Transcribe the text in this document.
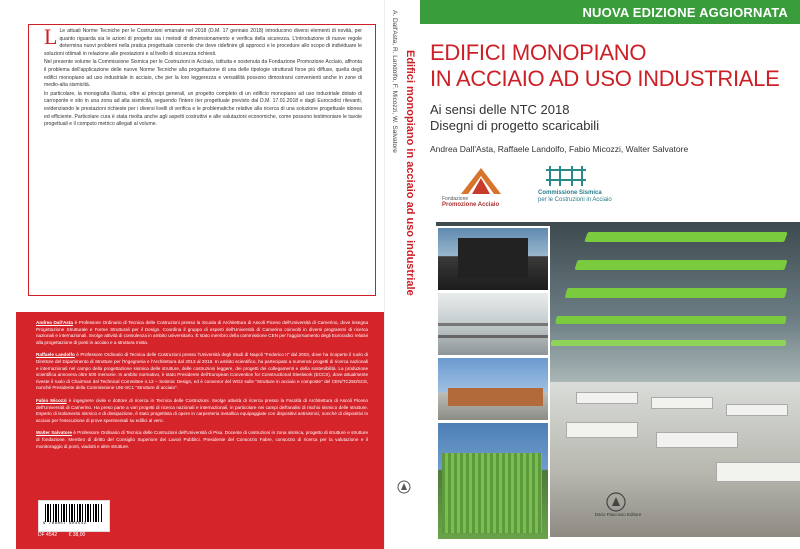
L Le attuali Norme Tecniche per le Costruzioni emanate nel 2018 (D.M. 17 gennaio 2018) introducono diversi elementi di novità, per quanto riguarda sia le azioni di progetto sia i metodi di dimensionamento e verifica della sicurezza. L'introduzione di nuove regole determina nuovi problemi nella pratica progettuale corrente che deve ridefinire gli approcci e le procedure allo scopo di individuare le soluzioni ottimali in relazione alle prestazioni e al livello di sicurezza richiesti.

Nel presente volume la Commissione Sismica per le Costruzioni in Acciaio, istituita e sostenuta da Fondazione Promozione Acciaio, affronta il problema dell'applicazione delle nuove Norme Tecniche alla progettazione di una delle tipologie strutturali forse più diffuse, quella degli edifici monopiano ad uso industriale in acciaio, che per la loro leggerezza e versatilità possono dimostrarsi convenienti anche in zone di medio-alta sismicità.

In particolare, la monografia illustra, oltre ai principi generali, un progetto completo di un edificio monopiano ad uso industriale dotato di carroponte e sito in una zona ad alta sismicità, seguendo l'intero iter progettuale previsto dal D.M. 17.01.2018 e dagli Eurocodici rilevanti, evidenziando le prestazioni richieste per i diversi livelli di verifica e le problematiche relative alla ricerca di una soluzione progettuale idonea ed efficiente. Particolare cura è stata rivolta anche agli aspetti costruttivi e alle valutazioni economiche, come possono testimoniare le tavole progettuali e il computo metrico allegati al volume.

Andrea Dall'Asta è Professore Ordinario di Tecnica delle Costruzioni presso la Scuola di Architettura di Ascoli Piceno dell'Università di Camerino, dove insegna Progettazione Strutturale e Forme Strutturali per il Design. Coordina il gruppo di esperti dell'Università di Camerino coinvolti in diversi programmi di ricerca nazionali e internazionali. Svolge attività di consulenza in ambito universitario. È stato membro della commissione CEN per l'aggiornamento degli Eurocodici relativi alla progettazione di ponti in acciaio e a struttura mista.
Raffaele Landolfo è Professore Ordinario di Tecnica delle Costruzioni presso l'Università degli Studi di Napoli "Federico II" dal 2003, dove ha ricoperto il ruolo di Direttore del Dipartimento di Strutture per l'Ingegneria e l'Architettura dal 2013 al 2018. In ambito scientifico, ha partecipato a numerosi progetti di ricerca nazionali e internazionali nel campo della progettazione sismica delle strutture, delle costruzioni leggere, dei progetti dei collegamenti e della sostenibilità. La produzione scientifica annovera oltre 500 memorie. In ambito normativo, è stato Presidente dell'European Convention for Constructional Steelwork (ECCS), dove attualmente riveste il ruolo di Chairman del Technical Committee n.13 – Seismic Design, ed è convenor del WG2 sulle "Strutture in acciaio e composte" del CEN/TC250/SC8, nonché Presidente della Commissione UNI-SC1 "Strutture di acciaio".
Fabio Micozzi è ingegnere civile e dottore di ricerca in Tecnica delle Costruzioni. Svolge attività di ricerca presso la Facoltà di Architettura di Ascoli Piceno dell'Università di Camerino. Ha preso parte a vari progetti di ricerca nazionali e internazionali, in particolare nei campi dell'analisi di rischio sismico delle strutture. Esperto di isolamento sismico e di dissipazione, è stato progettista di opere in carpenteria metallica equipaggiate con dispositivi antisismici, nonché di dispositivi in acciaio per l'esecuzione di prove sperimentali su edifici al vero.
Walter Salvatore è Professore Ordinario di Tecnica delle Costruzioni dell'Università di Pisa. Docente di costruzioni in zona sismica, progetto di strutture e strutture di fondazione. Membro di diritto del Consiglio Superiore dei Lavori Pubblici. Presidente del Consorzio Fabre, consorzio di ricerca per la valutazione e il monitoraggio di ponti, viadotti e altre strutture.
9 788857 904542
DF 4542 € 38,00
A. Dall'Asta, R. Landolfo, F. Micozzi, W. Salvatore Edifici monopiano in acciaio ad uso industriale
NUOVA EDIZIONE AGGIORNATA
EDIFICI MONOPIANO
IN ACCIAIO AD USO INDUSTRIALE
Ai sensi delle NTC 2018
Disegni di progetto scaricabili
Andrea Dall'Asta, Raffaele Landolfo, Fabio Micozzi, Walter Salvatore
Fondazione
Promozione Acciaio
Commissione Sismica
per le Costruzioni in Acciaio
Dario Flaccovio Editore
